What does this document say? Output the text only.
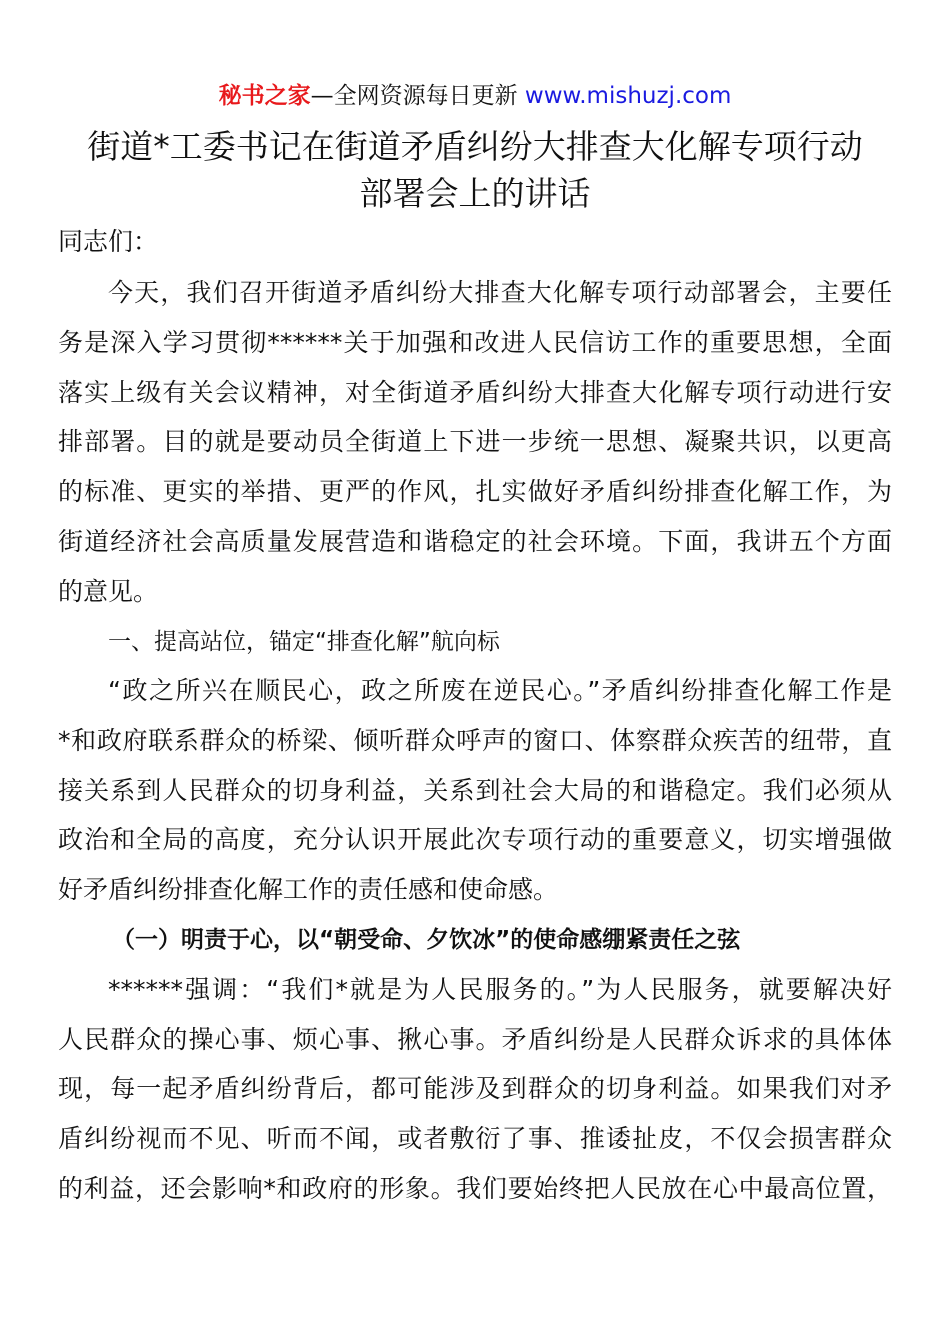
秘书之家—全网资源每日更新 www.mishuzj.com
街道*工委书记在街道矛盾纠纷大排查大化解专项行动
部署会上的讲话
同志们：
今天，我们召开街道矛盾纠纷大排查大化解专项行动部署会，主要任
务是深入学习贯彻******关于加强和改进人民信访工作的重要思想，全面
落实上级有关会议精神，对全街道矛盾纠纷大排查大化解专项行动进行安
排部署。目的就是要动员全街道上下进一步统一思想、凝聚共识，以更高
的标准、更实的举措、更严的作风，扎实做好矛盾纠纷排查化解工作，为
街道经济社会高质量发展营造和谐稳定的社会环境。下面，我讲五个方面
的意见。
一、提高站位，锚定“排查化解”航向标
“政之所兴在顺民心，政之所废在逆民心。”矛盾纠纷排查化解工作是
*和政府联系群众的桥梁、倾听群众呼声的窗口、体察群众疾苦的纽带，直
接关系到人民群众的切身利益，关系到社会大局的和谐稳定。我们必须从
政治和全局的高度，充分认识开展此次专项行动的重要意义，切实增强做
好矛盾纠纷排查化解工作的责任感和使命感。
（一）明责于心，以“朝受命、夕饮冰”的使命感绷紧责任之弦
******强调：“我们*就是为人民服务的。”为人民服务，就要解决好
人民群众的操心事、烦心事、揪心事。矛盾纠纷是人民群众诉求的具体体
现，每一起矛盾纠纷背后，都可能涉及到群众的切身利益。如果我们对矛
盾纠纷视而不见、听而不闻，或者敷衍了事、推诿扯皮，不仅会损害群众
的利益，还会影响*和政府的形象。我们要始终把人民放在心中最高位置，
